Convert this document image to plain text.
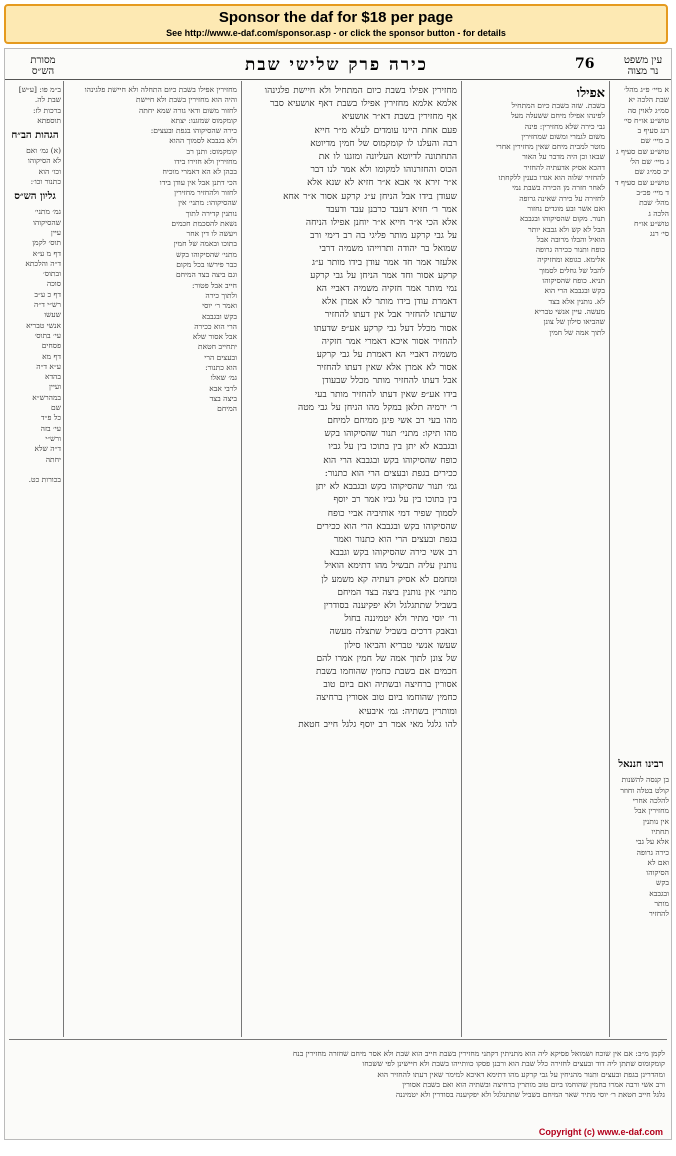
Sponsor the daf for $18 per page
See http://www.e-daf.com/sponsor.asp - or click the sponsor button - for details
מסורת הש״ס	כירה פרק שלישי שבת	76	עין משפט נר מצוה
ב״מ פו: [ע״ש]
שבת לה.
ברכות לז:
תוספתא
הגהות הב״ח
(א) גמ׳ ואם
לא הסיקוהו
וכו׳ הוא
כתנור וכו׳:
גליון הש״ס
גמ׳ מתני׳
שהסיקוהו
עיין
תוס׳ לקמן
דף מ ע״א
ד״ה והלכתא
ובתוס׳
סוכה
דף כ ע״ב
רש״י ד״ה
שעשו
אנשי טבריא
עי׳ בתוס׳
פסחים
דף מא
ע״א ד״ה
בהדא
ועיין
במהרש״א
שם
כל פ״ד
עי׳ בזה
ורש״י
ד״ה שלא
יחתה
בכורות כט.
מחזירין אפילו בשבת כיום התחלה ולא חיישת פלגינהו
והיה הוא מחזירין בשבת ולא חיישת
לחזור משום ודאי גזרה שמא יחתה
קומקמוס שמזגנו: יצתא
כירה שהסיקוהו בגפת ובעצים:
ולא בגבבא לסמוך ההוא
קומקמוס: ותנן רב
מחזירין ולא חזירו בידו
בכהן לא הא דאמרי מוכיח
הכי דתנן אבל אין עודן בידו
לחזור ולהחזיר מחזירין
שהסיקוהו: מתני׳ אין
נותנין קדירה לתוך
נשאת להסכמת חכמים
ויעשה לו דין אחר
בתוכו ובאמה של חמין
מתני׳ שהסיקוהו בקש
כבר פירשו בכל מקום
וגם ביצה בצד המיחם
חייב אבל פטור:
ולתוך כירה
ואמר ר׳ יוסי
בקש ובגבבא
הרי הוא ככירה
אבל אסור שלא
יתחייב חטאת
ובעצים הרי
הוא כתנור:
גמ׳ שאלו
לרבי אבא
ביצה בצד
המיחם
מחזירין אפילו בשבת כיום המתחיל ולא חיישת פלגינהו
אלמא אלמא מחזירין אפילו בשבת דאף אושעיא סבר
אף מחזירין בשבת דא״ר אושעיא
פעם אחת היינו עומדים לעלא מ״ר חייא
רבה והעלנו לו קומקמוס של חמין מדיוטא
התחתונה לדיוטא העליונה ומזגנו לו את
הכוס והחזרנוהו למקומו ולא אמר לנו דבר
א״ר זירא אי אבא א״ר חזיא לא שנא אלא
שעודן בידו אבל הניחן ע״ג קרקע אסור א״ר אחא
אמר ר׳ חזיא דעבד כרבנן עבד ודעבד
אלא הכי א״ר חייא א״ר יוחנן אפילו הניחה
על גבי קרקע מותר פליגי בה רב דימי ורב
שמואל בר יהודה ותרוייהו משמיה דרבי
אלעזר אמר חד אמר עודן בידו מותר ע״ג
קרקע אסור וחד אמר הניחן על גבי קרקע
נמי מותר אמר חזקיה משמיה דאביי הא
דאמרת עודן בידו מותר לא אמרן אלא
שדעתו להחזיר אבל אין דעתו להחזיר
אסור מכלל דעל גבי קרקע אע״פ שדעתו
להחזיר אסור איכא דאמרי אמר חזקיה
משמיה דאביי הא דאמרת על גבי קרקע
אסור לא אמרן אלא שאין דעתו להחזיר
אבל דעתו להחזיר מותר מכלל שבעודן
בידו אע״פ שאין דעתו להחזיר מותר בעי
ר׳ ירמיה תלאן במקל מהו הניחן על גבי מטה
מהו בעי רב אשי פינן ממיחם למיחם
מהו תיקו: מתני׳ תנור שהסיקוהו בקש
ובגבבא לא יתן בין בתוכו בין על גביו
כופח שהסיקוהו בקש ובגבבא הרי הוא
ככירים בגפת ובעצים הרי הוא כתנור:
גמ׳ תנור שהסיקוהו בקש ובגבבא לא יתן
בין בתוכו בין על גביו אמר רב יוסף
לסמוך שפיר דמי אותיביה אביי כופח
שהסיקוהו בקש ובגבבא הרי הוא ככירים
בגפת ובעצים הרי הוא כתנור ואמר
רב אשי כירה שהסיקוהו בקש וגבבא
נותנין עליה תבשיל מהו דתימא הואיל
ומחמם לא אסיק דעתיה קא משמע לן
מתני׳ אין נותנין ביצה בצד המיחם
בשביל שתתגלגל ולא יפקיענה בסודרין
ור׳ יוסי מתיר ולא יטמיננה בחול
ובאבק דרכים בשביל שתצלה מעשה
שעשו אנשי טבריא והביאו סילון
של צונן לתוך אמה של חמין אמרו להם
חכמים אם בשבת כחמין שהוחמו בשבת
אסורין ברחיצה ובשתיה ואם ביום טוב
כחמין שהוחמו ביום טוב אסורין ברחיצה
ומותרין בשתיה: גמ׳ איבעיא
להו גלגל מאי אמר רב יוסף גלגל חייב חטאת
אפילו
בשבת. שזה בשבת כיום המתחיל
לפינהו אפילו מיחם ששעלה מעל
גבי כירה שלא מחזירין: פינה
משום לגמרי ומשום שמחזירין
מוטר למבית מיחם שאין מחזירין אחרי
שבאו וכן היה מדבר על האור
דהכא אסיק אדעתיה להחזיר
להחזיר שלוה הוא אגדו בענין ללקחתו
לאחר חזרה מן הכירה בשבת נמי
לחזירה על כירה שאינה גרופה
ואם אשר ובע מוגדים נחזור
תנור. מקום שהסיקוהו ובגבבא
הבל לא קש ולא גבבא יותר
הואיל והבלו מרובה אבל
כופח ותנור ככירה גרופה
אלימא. כגופא ומחזיקיה
להבל של גחלים לסמוך
תניא. כופח שהסיקוהו
בקש ובגבבא הרי הוא
לא. נותנין אלא בצד
מעשה. עיין אנשי טבריא
שהביאו סילון של צונן
לתוך אמה של חמין
א מיי׳ פ״ג מהל׳
שבת הלכה יא
סמ״ג לאוין סה
טוש״ע או״ח סי׳
רנג סעיף ב
ב מיי׳ שם
טוש״ע שם סעיף ג
ג מיי׳ שם הל׳
יב סמ״ג שם
טוש״ע שם סעיף ד
ד מיי׳ פכ״ב
מהל׳ שבת
הלכה ג
טוש״ע או״ח
סי׳ רנג
רבינו חננאל
בן קנסה להשנות
קולט בטלה וחוזר
להלכה אחרי
מחזירין אבל
אין נותנין
תחתיו
אלא על גבי
כירה גרופה
ואם לא
הסיקוהו
בקש
ובגבבא
מותר
להחזיר
לקמן מ״ב: אם אין שוכח ושמואל פסיקא ליה הוא מתניתין דקתני מחזירין בשבת חייב הוא שבת ולא אסר מיחם שחזרה מחזירין בנח
קומקומוס שתתן ליה דוד ובעצים לחזירה כלל שבת הוא ורבנן פסקו כוותייהו בשבת ולא חיישינן לפי ששכחו
ומהדרינן בגפת ובעצים ותנור מהניחין על גבי קרקע מהו דתימא דאיכא למימר שאין דעתו להחזיר הוא
ורב אשי ורבה אמרו בחמין שהוחמו ביום טוב מותרין ברחיצה ובשתיה הוא ואם בשבת אסורין
גלגל חייב חטאת ר׳ יוסי מתיר שאר המיחם בשביל שתתגלגל ולא יפקיענה בסודרין ולא יטמיננה
Copyright (c) www.e-daf.com
